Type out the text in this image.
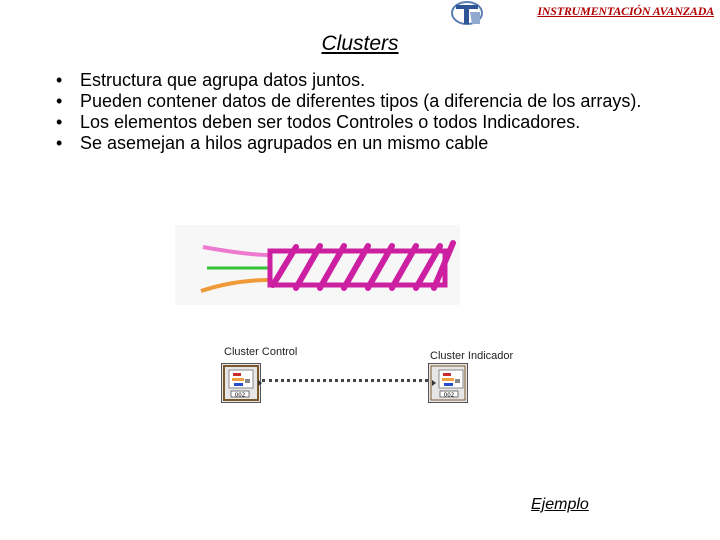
INSTRUMENTACIÓN AVANZADA
Clusters
• Estructura que agrupa datos juntos.
• Pueden contener datos de diferentes tipos (a diferencia de los arrays).
• Los elementos deben ser todos Controles o todos Indicadores.
• Se asemejan a hilos agrupados en un mismo cable
Cluster Control	Cluster Indicador
002	002
Ejemplo
